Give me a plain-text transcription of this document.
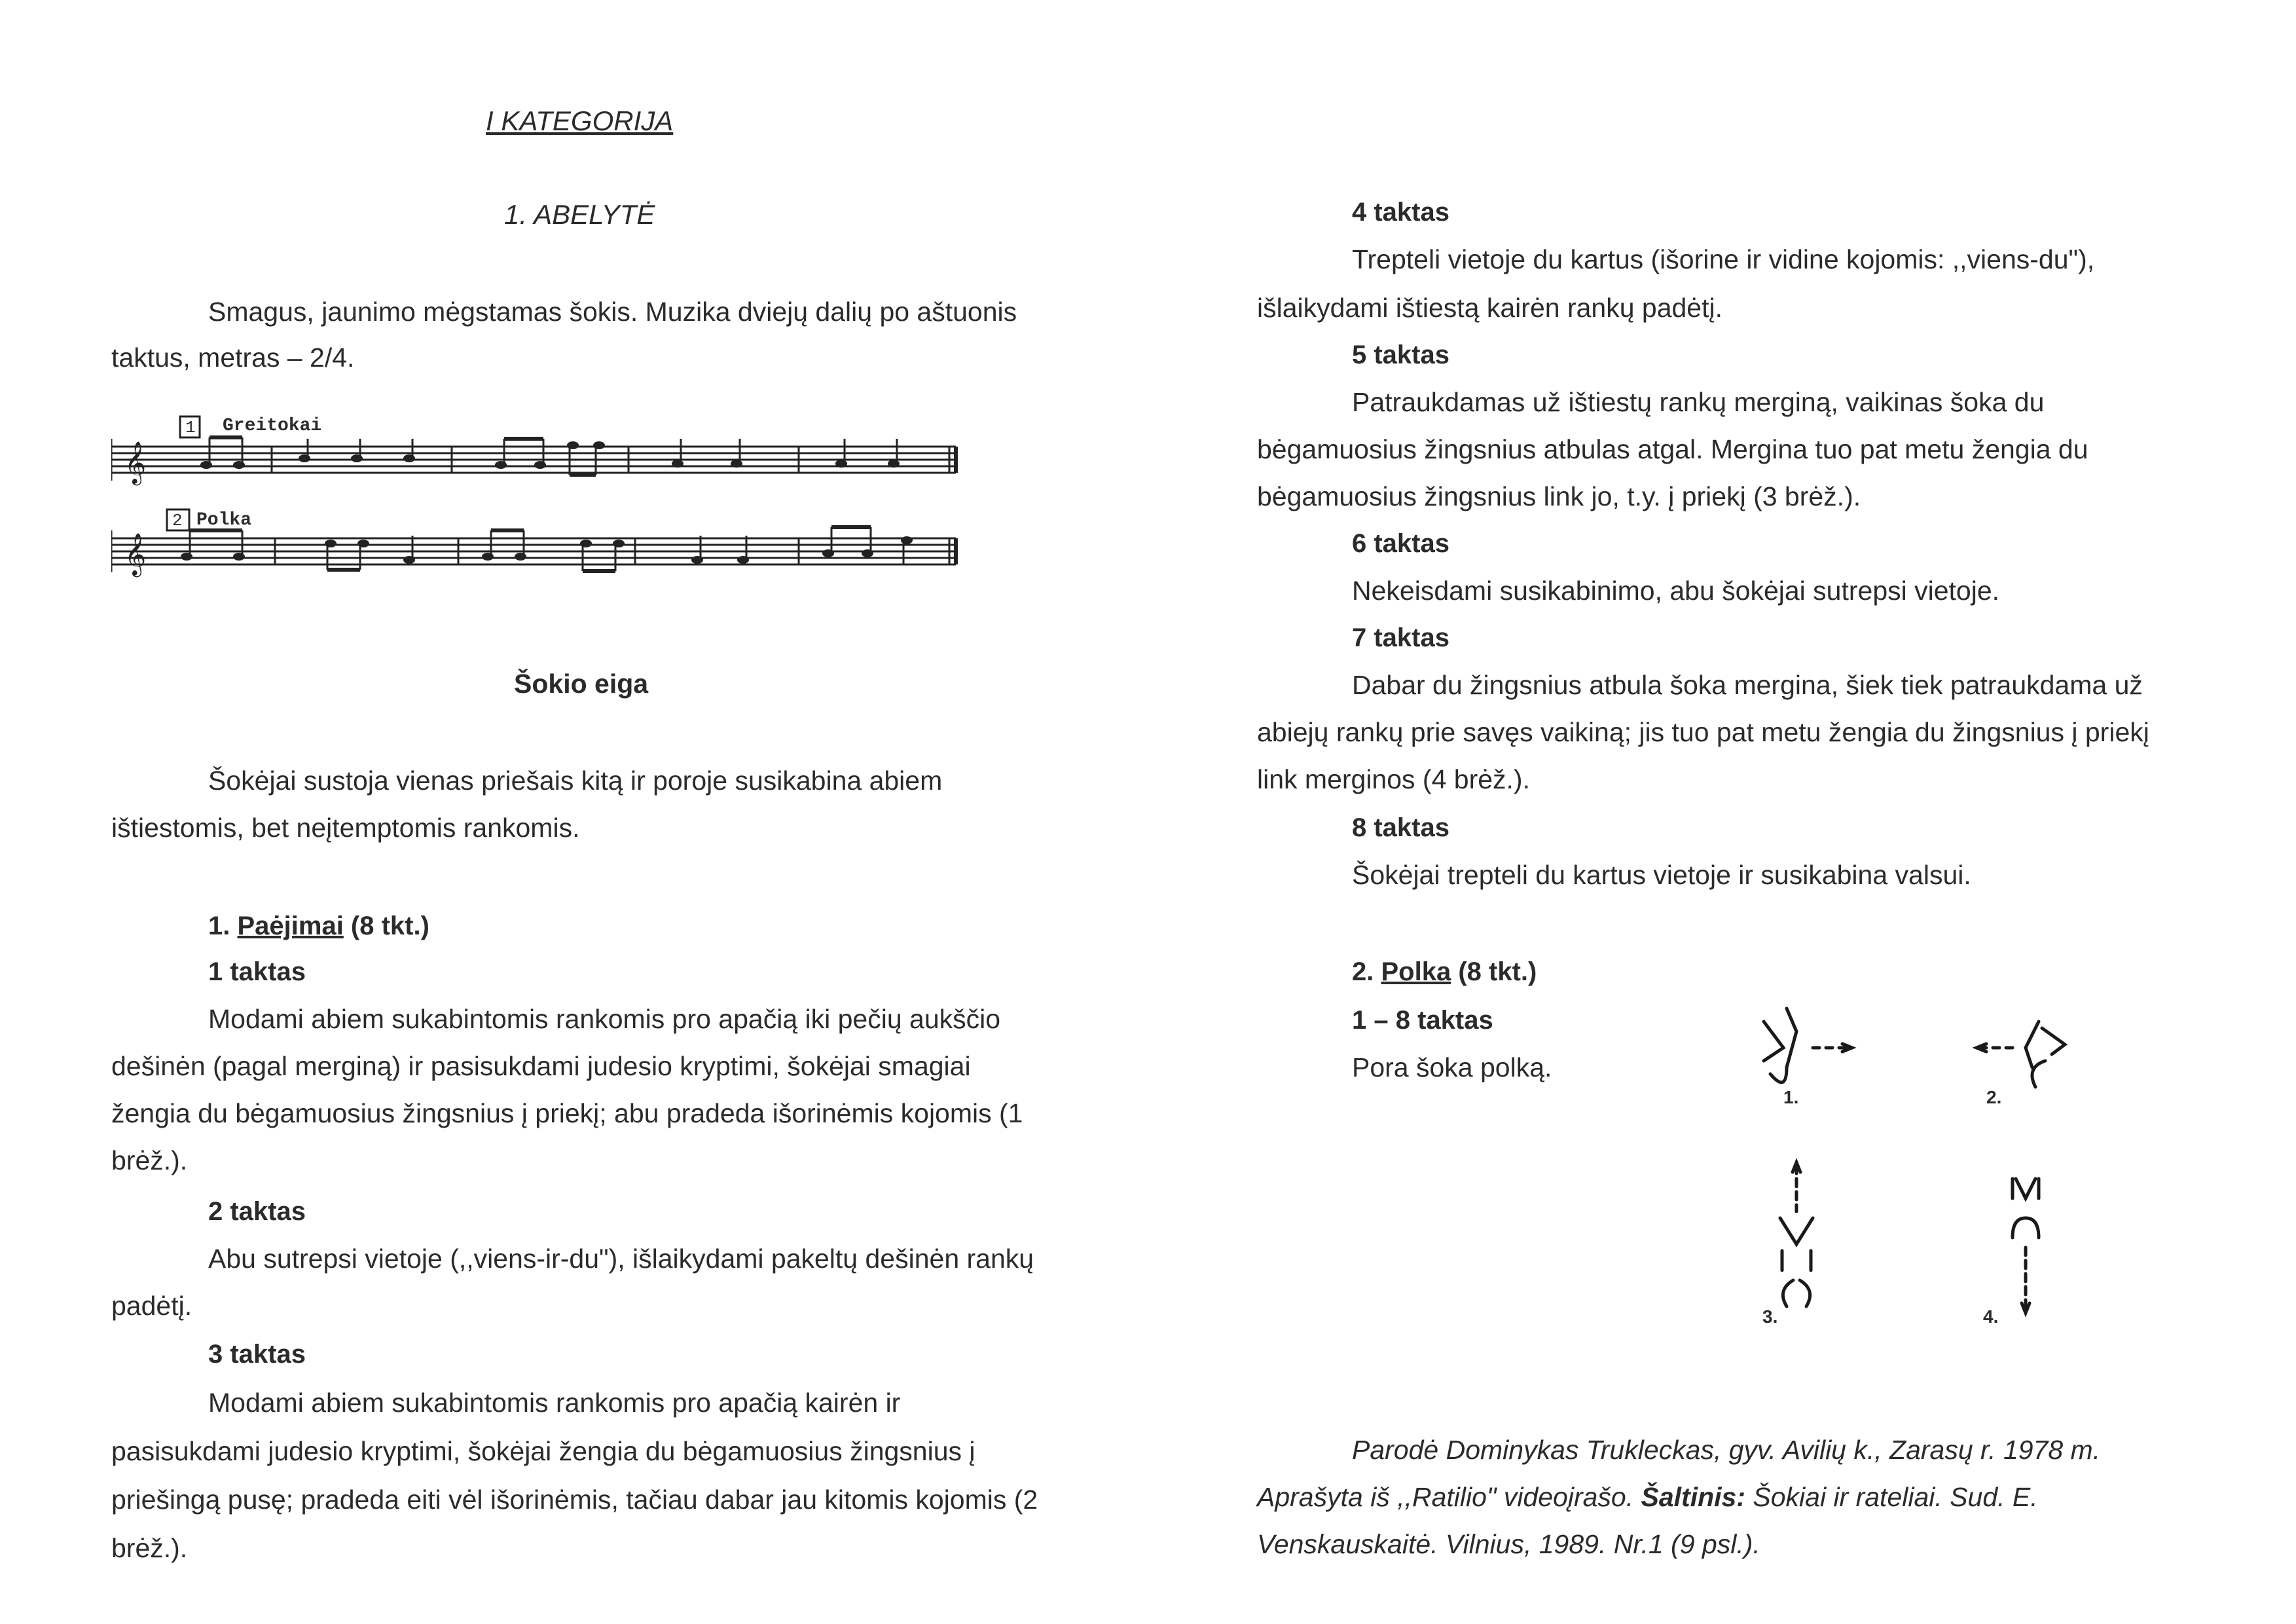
I KATEGORIJA
1. ABELYTĖ
Smagus, jaunimo mėgstamas šokis. Muzika dviejų dalių po aštuonis
taktus, metras – 2/4.
𝄞
𝄞
1 Greitokai
2 Polka
Šokio eiga
Šokėjai sustoja vienas priešais kitą ir poroje susikabina abiem
ištiestomis, bet neįtemptomis rankomis.
1. Paėjimai (8 tkt.)
1 taktas
Modami abiem sukabintomis rankomis pro apačią iki pečių aukščio
dešinėn (pagal merginą) ir pasisukdami judesio kryptimi, šokėjai smagiai
žengia du bėgamuosius žingsnius į priekį; abu pradeda išorinėmis kojomis (1
brėž.).
2 taktas
Abu sutrepsi vietoje (,,viens-ir-du"), išlaikydami pakeltų dešinėn rankų
padėtį.
3 taktas
Modami abiem sukabintomis rankomis pro apačią kairėn ir
pasisukdami judesio kryptimi, šokėjai žengia du bėgamuosius žingsnius į
priešingą pusę; pradeda eiti vėl išorinėmis, tačiau dabar jau kitomis kojomis (2
brėž.).
4 taktas
Trepteli vietoje du kartus (išorine ir vidine kojomis: ,,viens-du"),
išlaikydami ištiestą kairėn rankų padėtį.
5 taktas
Patraukdamas už ištiestų rankų merginą, vaikinas šoka du
bėgamuosius žingsnius atbulas atgal. Mergina tuo pat metu žengia du
bėgamuosius žingsnius link jo, t.y. į priekį (3 brėž.).
6 taktas
Nekeisdami susikabinimo, abu šokėjai sutrepsi vietoje.
7 taktas
Dabar du žingsnius atbula šoka mergina, šiek tiek patraukdama už
abiejų rankų prie savęs vaikiną; jis tuo pat metu žengia du žingsnius į priekį
link merginos (4 brėž.).
8 taktas
Šokėjai trepteli du kartus vietoje ir susikabina valsui.
2. Polka (8 tkt.)
1 – 8 taktas
Pora šoka polką.
1.	2.
3.	4.
Parodė Dominykas Trukleckas, gyv. Avilių k., Zarasų r. 1978 m.
Aprašyta iš ,,Ratilio" videoįrašo. Šaltinis: Šokiai ir rateliai. Sud. E.
Venskauskaitė. Vilnius, 1989. Nr.1 (9 psl.).
